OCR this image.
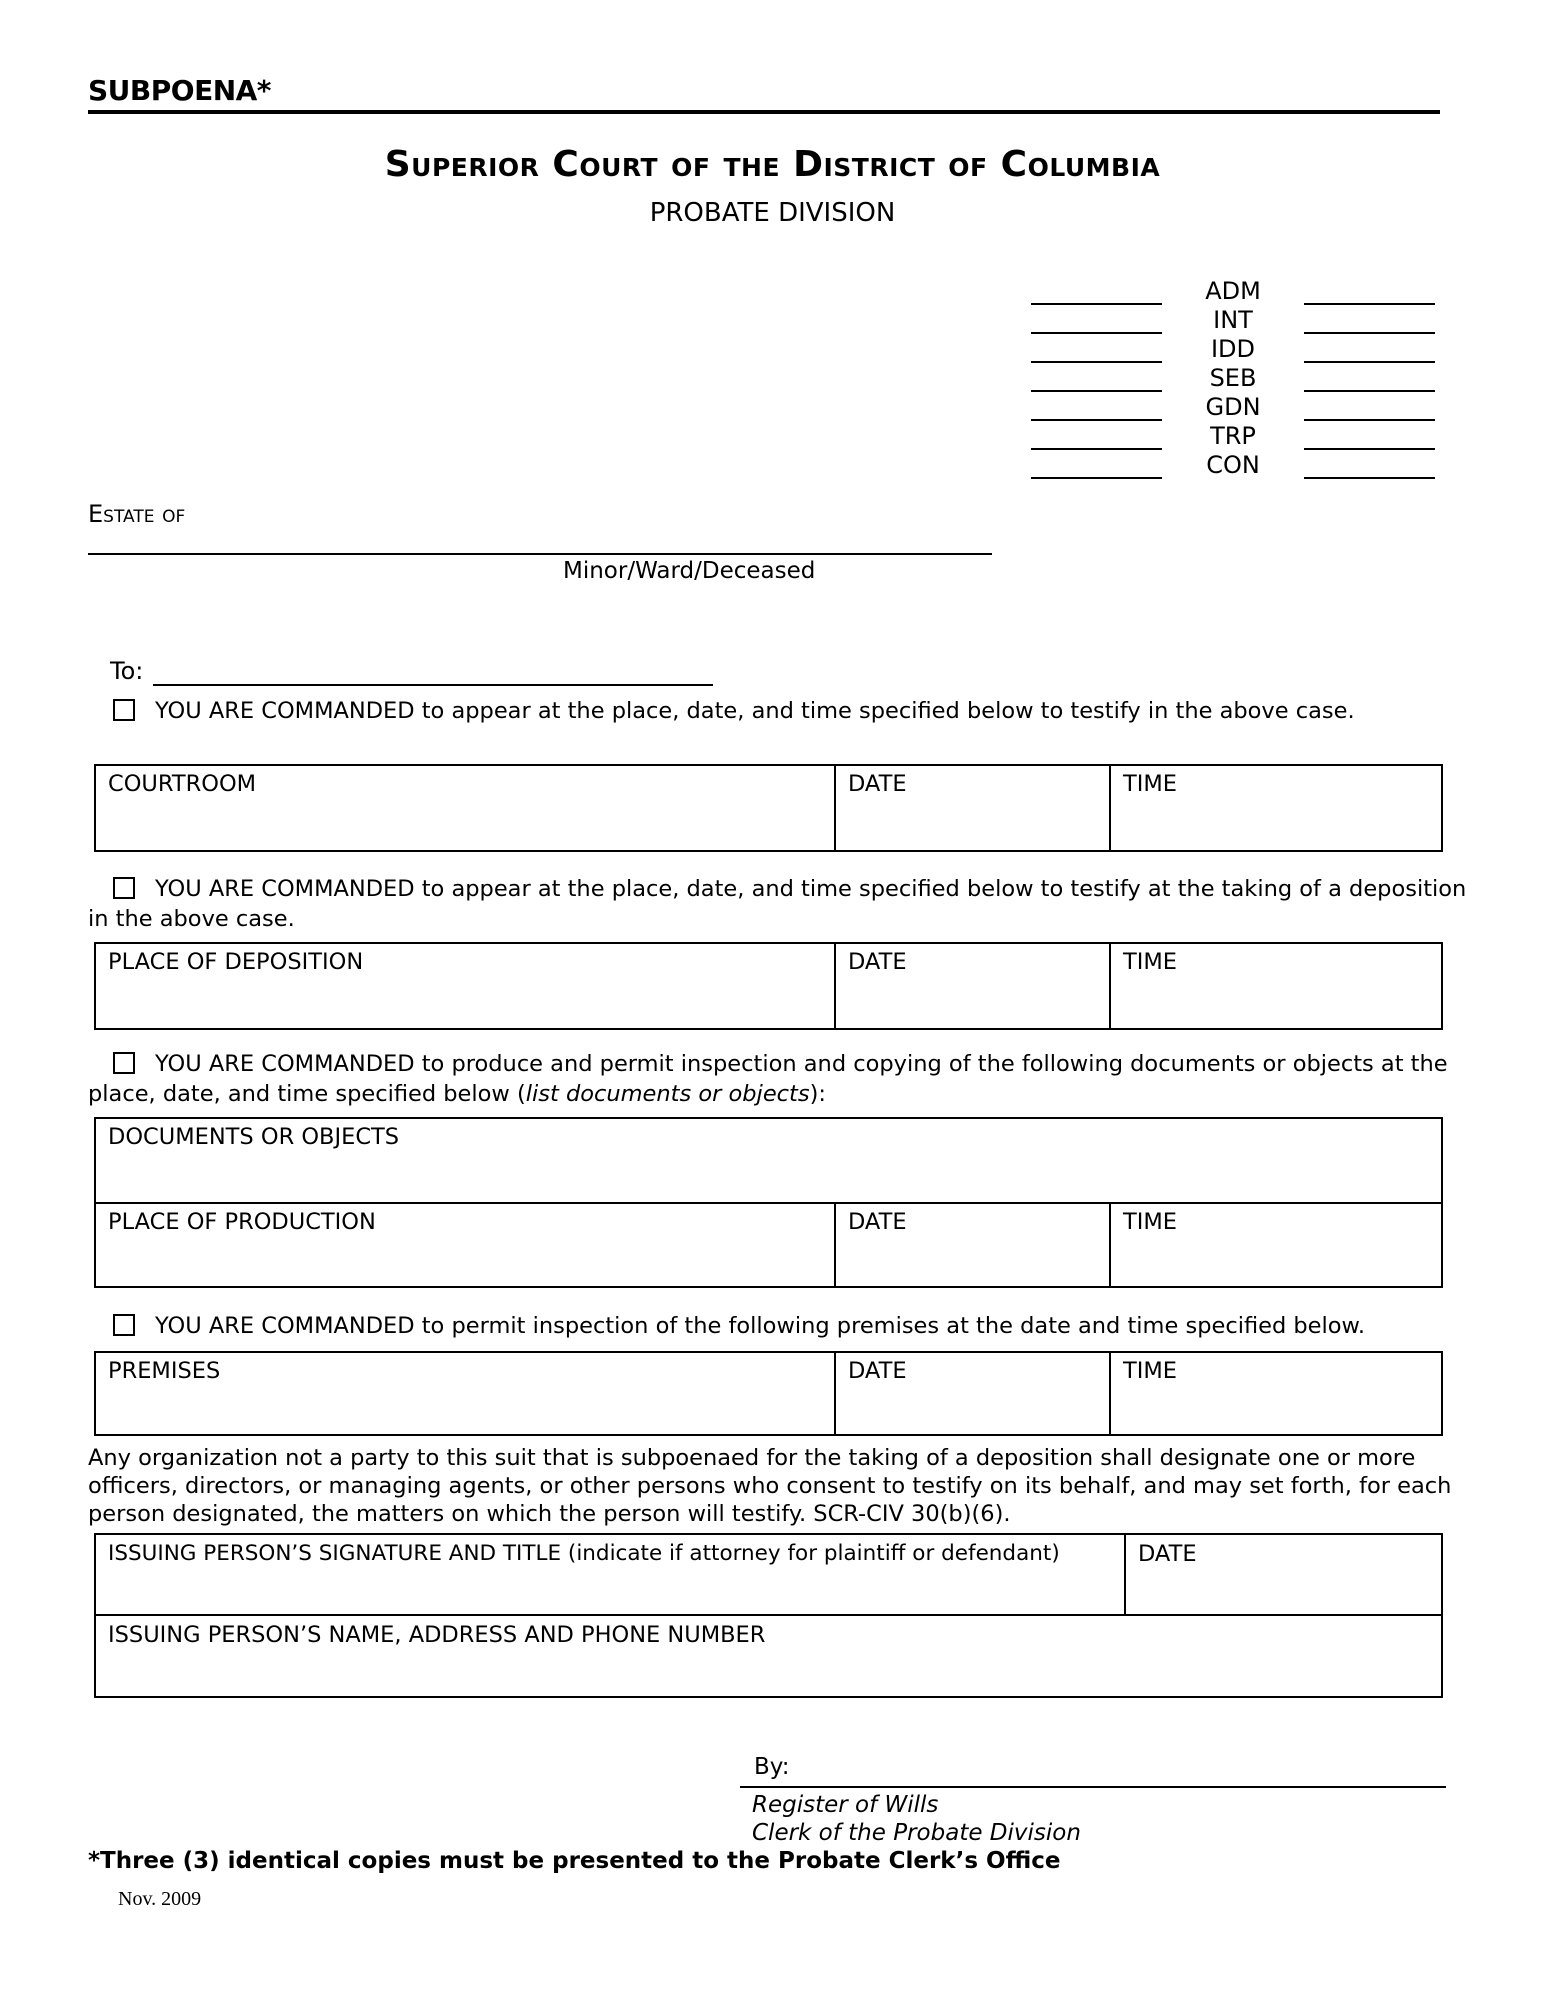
SUBPOENA*
Superior Court of the District of Columbia
PROBATE DIVISION
ADM
INT
IDD
SEB
GDN
TRP
CON
Estate of
Minor/Ward/Deceased
To:
YOU ARE COMMANDED to appear at the place, date, and time specified below to testify in the above case.
COURTROOM	DATE	TIME
YOU ARE COMMANDED to appear at the place, date, and time specified below to testify at the taking of a deposition in the above case.
PLACE OF DEPOSITION	DATE	TIME
YOU ARE COMMANDED to produce and permit inspection and copying of the following documents or objects at the place, date, and time specified below (list documents or objects):
DOCUMENTS OR OBJECTS
PLACE OF PRODUCTION	DATE	TIME
YOU ARE COMMANDED to permit inspection of the following premises at the date and time specified below.
PREMISES	DATE	TIME
Any organization not a party to this suit that is subpoenaed for the taking of a deposition shall designate one or more officers, directors, or managing agents, or other persons who consent to testify on its behalf, and may set forth, for each person designated, the matters on which the person will testify. SCR-CIV 30(b)(6).
ISSUING PERSON’S SIGNATURE AND TITLE (indicate if attorney for plaintiff or defendant)	DATE
ISSUING PERSON’S NAME, ADDRESS AND PHONE NUMBER
By:
Register of Wills
Clerk of the Probate Division
*Three (3) identical copies must be presented to the Probate Clerk’s Office
Nov. 2009
